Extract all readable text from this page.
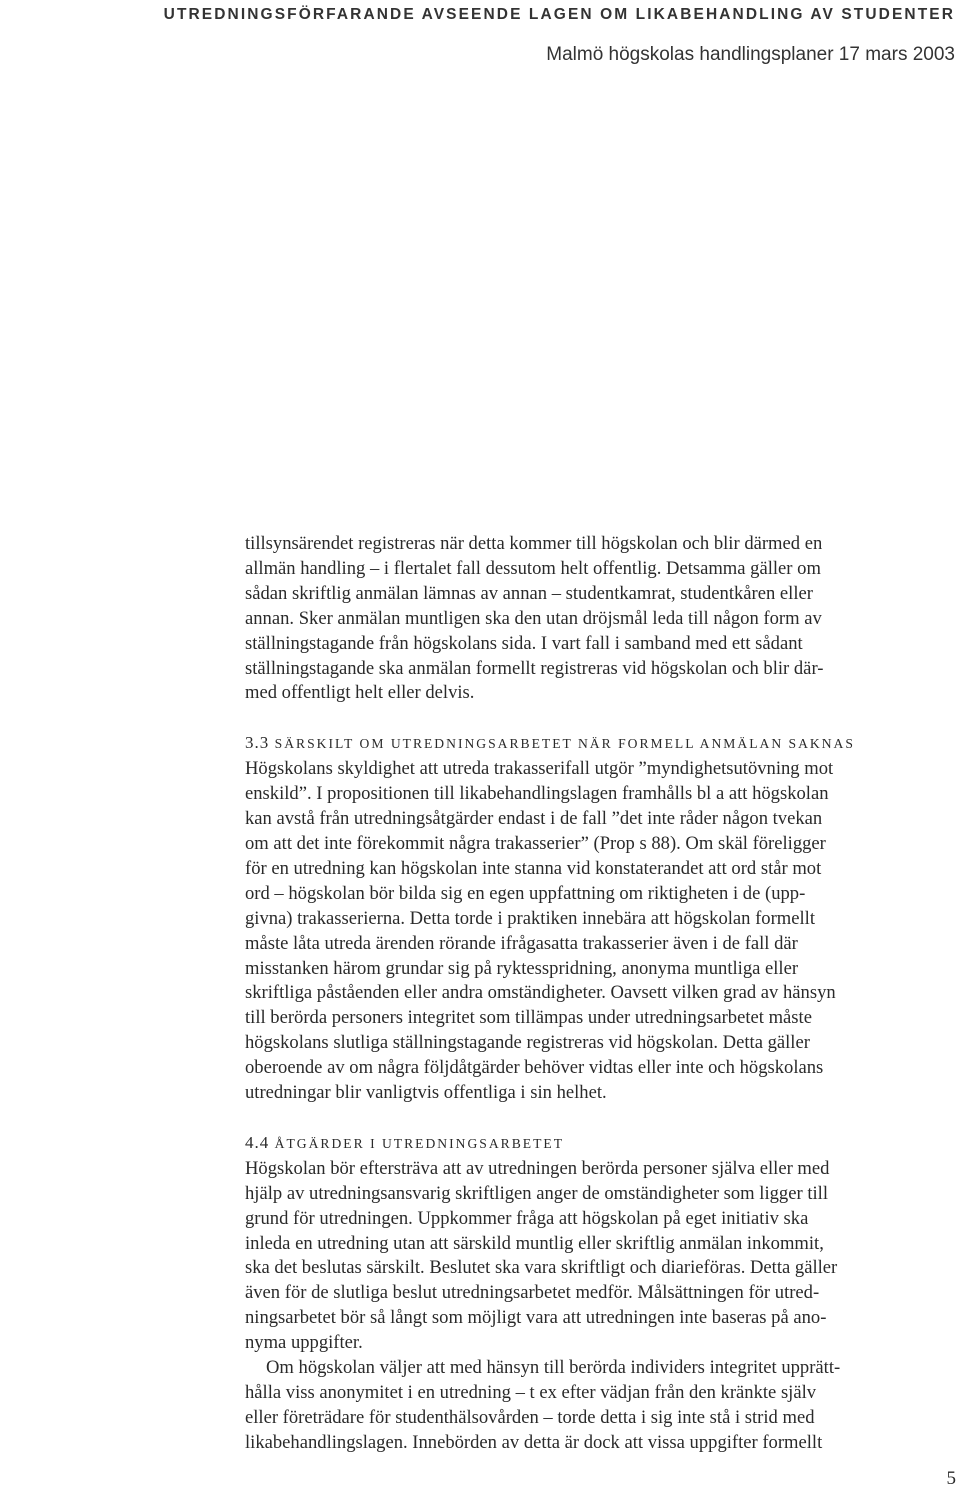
UTREDNINGSFÖRFARANDE AVSEENDE LAGEN OM LIKABEHANDLING AV STUDENTER
Malmö högskolas handlingsplaner 17 mars 2003
tillsynsärendet registreras när detta kommer till högskolan och blir därmed en
allmän handling – i flertalet fall dessutom helt offentlig. Detsamma gäller om
sådan skriftlig anmälan lämnas av annan – studentkamrat, studentkåren eller
annan. Sker anmälan muntligen ska den utan dröjsmål leda till någon form av
ställningstagande från högskolans sida. I vart fall i samband med ett sådant
ställningstagande ska anmälan formellt registreras vid högskolan och blir där-
med offentligt helt eller delvis.
3.3 SÄRSKILT OM UTREDNINGSARBETET NÄR FORMELL ANMÄLAN SAKNAS
Högskolans skyldighet att utreda trakasserifall utgör ”myndighetsutövning mot
enskild”. I propositionen till likabehandlingslagen framhålls bl a att högskolan
kan avstå från utredningsåtgärder endast i de fall ”det inte råder någon tvekan
om att det inte förekommit några trakasserier” (Prop s 88). Om skäl föreligger
för en utredning kan högskolan inte stanna vid konstaterandet att ord står mot
ord – högskolan bör bilda sig en egen uppfattning om riktigheten i de (upp-
givna) trakasserierna. Detta torde i praktiken innebära att högskolan formellt
måste låta utreda ärenden rörande ifrågasatta trakasserier även i de fall där
misstanken härom grundar sig på ryktesspridning, anonyma muntliga eller
skriftliga påståenden eller andra omständigheter. Oavsett vilken grad av hänsyn
till berörda personers integritet som tillämpas under utredningsarbetet måste
högskolans slutliga ställningstagande registreras vid högskolan. Detta gäller
oberoende av om några följdåtgärder behöver vidtas eller inte och högskolans
utredningar blir vanligtvis offentliga i sin helhet.
4.4 ÅTGÄRDER I UTREDNINGSARBETET
Högskolan bör eftersträva att av utredningen berörda personer själva eller med
hjälp av utredningsansvarig skriftligen anger de omständigheter som ligger till
grund för utredningen. Uppkommer fråga att högskolan på eget initiativ ska
inleda en utredning utan att särskild muntlig eller skriftlig anmälan inkommit,
ska det beslutas särskilt. Beslutet ska vara skriftligt och diarieföras. Detta gäller
även för de slutliga beslut utredningsarbetet medför. Målsättningen för utred-
ningsarbetet bör så långt som möjligt vara att utredningen inte baseras på ano-
nyma uppgifter.
Om högskolan väljer att med hänsyn till berörda individers integritet upprätt-
hålla viss anonymitet i en utredning – t ex efter vädjan från den kränkte själv
eller företrädare för studenthälsovården – torde detta i sig inte stå i strid med
likabehandlingslagen. Innebörden av detta är dock att vissa uppgifter formellt
5
